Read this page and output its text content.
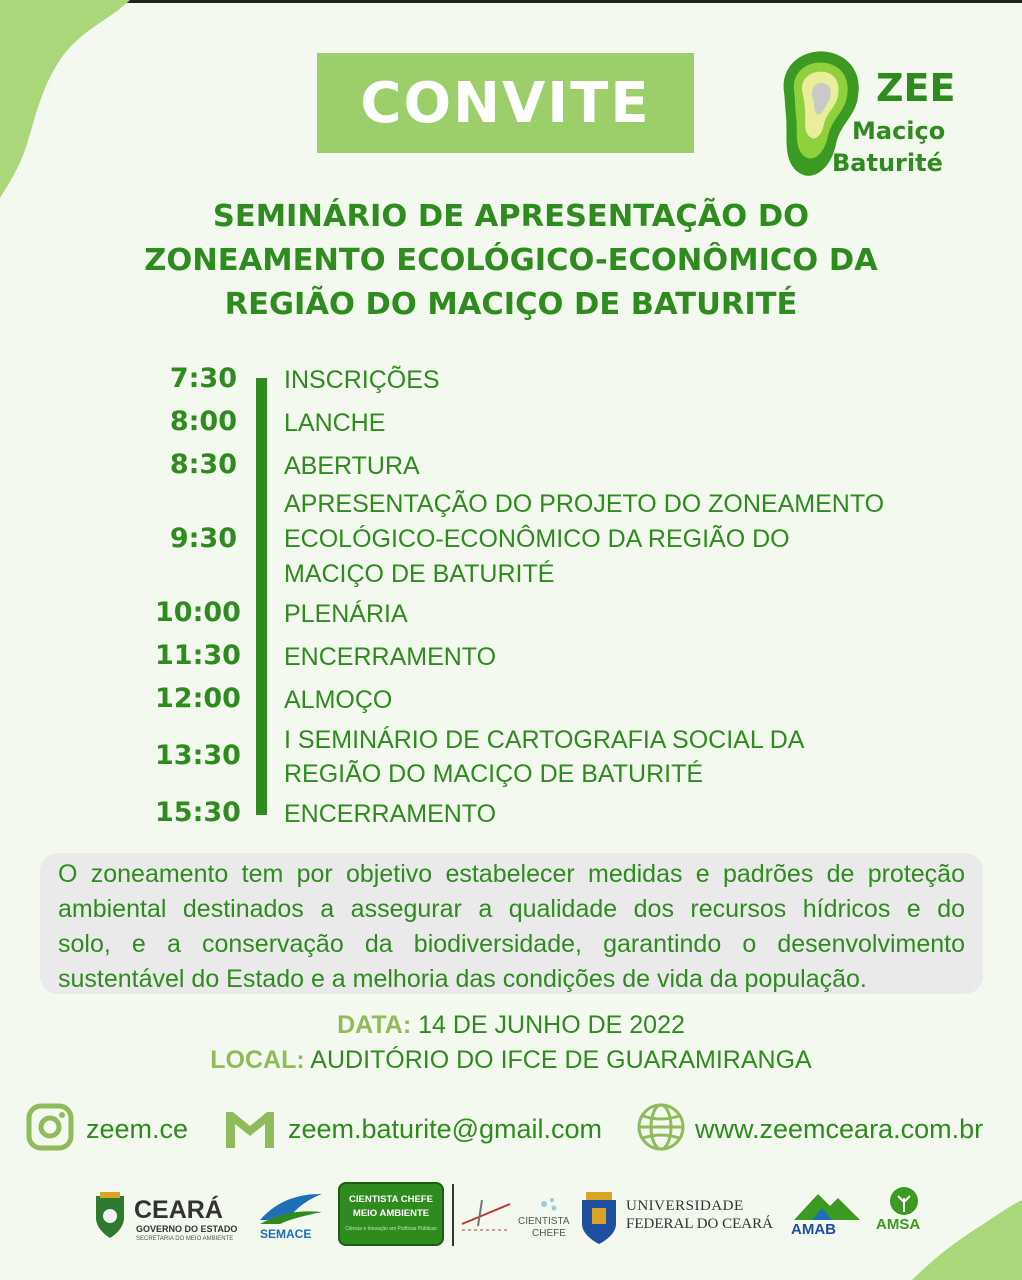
CONVITE	ZEE
Maciço
Baturité
SEMINÁRIO DE APRESENTAÇÃO DO
ZONEAMENTO ECOLÓGICO-ECONÔMICO DA
REGIÃO DO MACIÇO DE BATURITÉ
7:30 INSCRIÇÕES
8:00 LANCHE
8:30 ABERTURA
9:30
APRESENTAÇÃO DO PROJETO DO ZONEAMENTO
ECOLÓGICO-ECONÔMICO DA REGIÃO DO
MACIÇO DE BATURITÉ
10:00 PLENÁRIA
11:30 ENCERRAMENTO
12:00 ALMOÇO
13:30 I SEMINÁRIO DE CARTOGRAFIA SOCIAL DA
REGIÃO DO MACIÇO DE BATURITÉ
15:30 ENCERRAMENTO
O zoneamento tem por objetivo estabelecer medidas e padrões de proteção
ambiental destinados a assegurar a qualidade dos recursos hídricos e do
solo, e a conservação da biodiversidade, garantindo o desenvolvimento
sustentável do Estado e a melhoria das condições de vida da população.
DATA: 14 DE JUNHO DE 2022
LOCAL: AUDITÓRIO DO IFCE DE GUARAMIRANGA
zeem.ce	zeem.baturite@gmail.com	www.zeemceara.com.br
CEARÁ
GOVERNO DO ESTADO
SECRETARIA DO MEIO AMBIENTE SEMACE
CIENTISTA CHEFE
MEIO AMBIENTE
Ciência e Inovação em Políticas Públicas
CIENTISTA
CHEFE
UNIVERSIDADE
FEDERAL DO CEARÁ AMAB	AMSA
